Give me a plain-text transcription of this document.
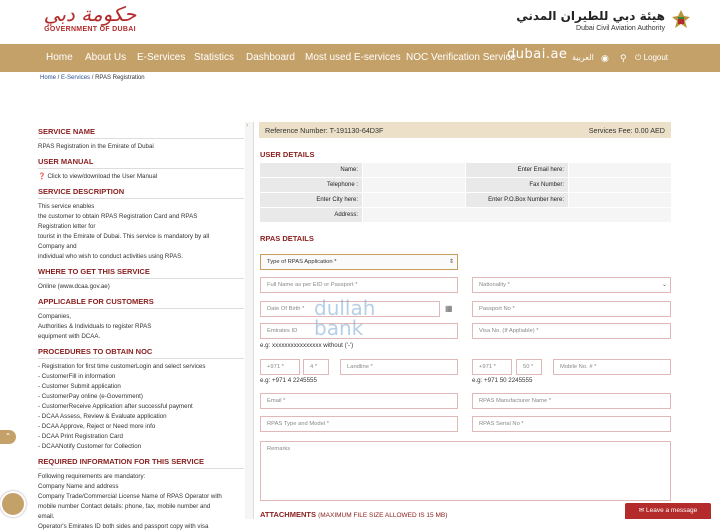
حكومة دبي
GOVERNMENT OF DUBAI
هيئة دبي للطيران المدني
Dubai Civil Aviation Authority
Home About Us E-Services Statistics Dashboard Most used E-services NOC Verification Service
dubai.ae العربية ◉ ⚲ ⏻ Logout
Home / E-Services / RPAS Registration
SERVICE NAME
RPAS Registration in the Emirate of Dubai
USER MANUAL
❓ Click to view/download the User Manual
SERVICE DESCRIPTION
This service enables
the customer to obtain RPAS Registration Card and RPAS
Registration letter for
tourist in the Emirate of Dubai. This service is mandatory by all
Company and
individual who wish to conduct activities using RPAS.
WHERE TO GET THIS SERVICE
Online (www.dcaa.gov.ae)
APPLICABLE FOR CUSTOMERS
Companies,
Authorities & Individuals to register RPAS
equipment with DCAA.
PROCEDURES TO OBTAIN NOC
- Registration for first time customerLogin and select services
- CustomerFill in information
- Customer Submit application
- CustomerPay online (e-Government)
- CustomerReceive Application after successful payment
- DCAA Assess, Review & Evaluate application
- DCAA Approve, Reject or Need more info
- DCAA Print Registration Card
- DCAANotify Customer for Collection
REQUIRED INFORMATION FOR THIS SERVICE
Following requirements are mandatory:
Company Name and address
Company Trade/Commercial License Name of RPAS Operator with
mobile number Contact details: phone, fax, mobile number and
email.
Operator's Emirates ID both sides and passport copy with visa
›
Reference Number: T-191130-64D3F	Services Fee: 0.00 AED
USER DETAILS
Name:	Enter Email here:
Telephone :	Fax Number:
Enter City here:	Enter P.O.Box Number here:
Address:
RPAS DETAILS
Type of RPAS Application *	⇕
Full Name as per EID or Passport *	Nationality *	⌄
Date Of Birth *	▦	Passport No *
Emirates ID	Visa No. (If Appliable) *
e.g: xxxxxxxxxxxxxxxx without ('-')
+971 *	4 *	Landline *
e.g: +971 4 2245555
+971 *	50 *	Mobile No. # *
e.g: +971 50 2245555
Email *	RPAS Manufacturer Name *
RPAS Type and Model *	RPAS Serial No *
Remarks
ATTACHMENTS (MAXIMUM FILE SIZE ALLOWED IS 15 MB)
dullah bank
⌃
✉ Leave a message
